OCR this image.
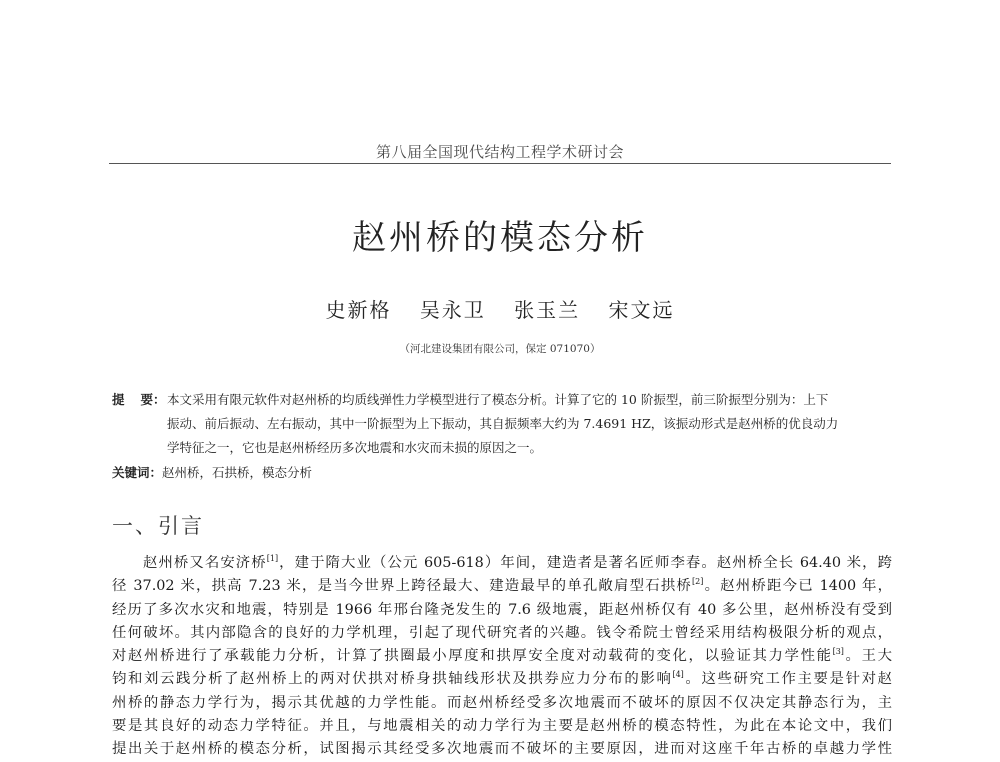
第八届全国现代结构工程学术研讨会
赵州桥的模态分析
史新格 吴永卫 张玉兰 宋文远
（河北建设集团有限公司，保定 071070）
提 要： 本文采用有限元软件对赵州桥的均质线弹性力学模型进行了模态分析。计算了它的 10 阶振型，前三阶振型分别为：上下
振动、前后振动、左右振动，其中一阶振型为上下振动，其自振频率大约为 7.4691 HZ，该振动形式是赵州桥的优良动力
学特征之一，它也是赵州桥经历多次地震和水灾而未损的原因之一。
关键词：赵州桥，石拱桥，模态分析
一、引言
赵州桥又名安济桥[1]，建于隋大业（公元 605-618）年间，建造者是著名匠师李春。赵州桥全长 64.40 米，跨
径 37.02 米，拱高 7.23 米，是当今世界上跨径最大、建造最早的单孔敞肩型石拱桥[2]。赵州桥距今已 1400 年，
经历了多次水灾和地震，特别是 1966 年邢台隆尧发生的 7.6 级地震，距赵州桥仅有 40 多公里，赵州桥没有受到
任何破坏。其内部隐含的良好的力学机理，引起了现代研究者的兴趣。钱令希院士曾经采用结构极限分析的观点，
对赵州桥进行了承载能力分析，计算了拱圈最小厚度和拱厚安全度对动载荷的变化，以验证其力学性能[3]。王大
钧和刘云践分析了赵州桥上的两对伏拱对桥身拱轴线形状及拱券应力分布的影响[4]。这些研究工作主要是针对赵
州桥的静态力学行为，揭示其优越的力学性能。而赵州桥经受多次地震而不破坏的原因不仅决定其静态行为，主
要是其良好的动态力学特征。并且，与地震相关的动力学行为主要是赵州桥的模态特性，为此在本论文中，我们
提出关于赵州桥的模态分析，试图揭示其经受多次地震而不破坏的主要原因，进而对这座千年古桥的卓越力学性
